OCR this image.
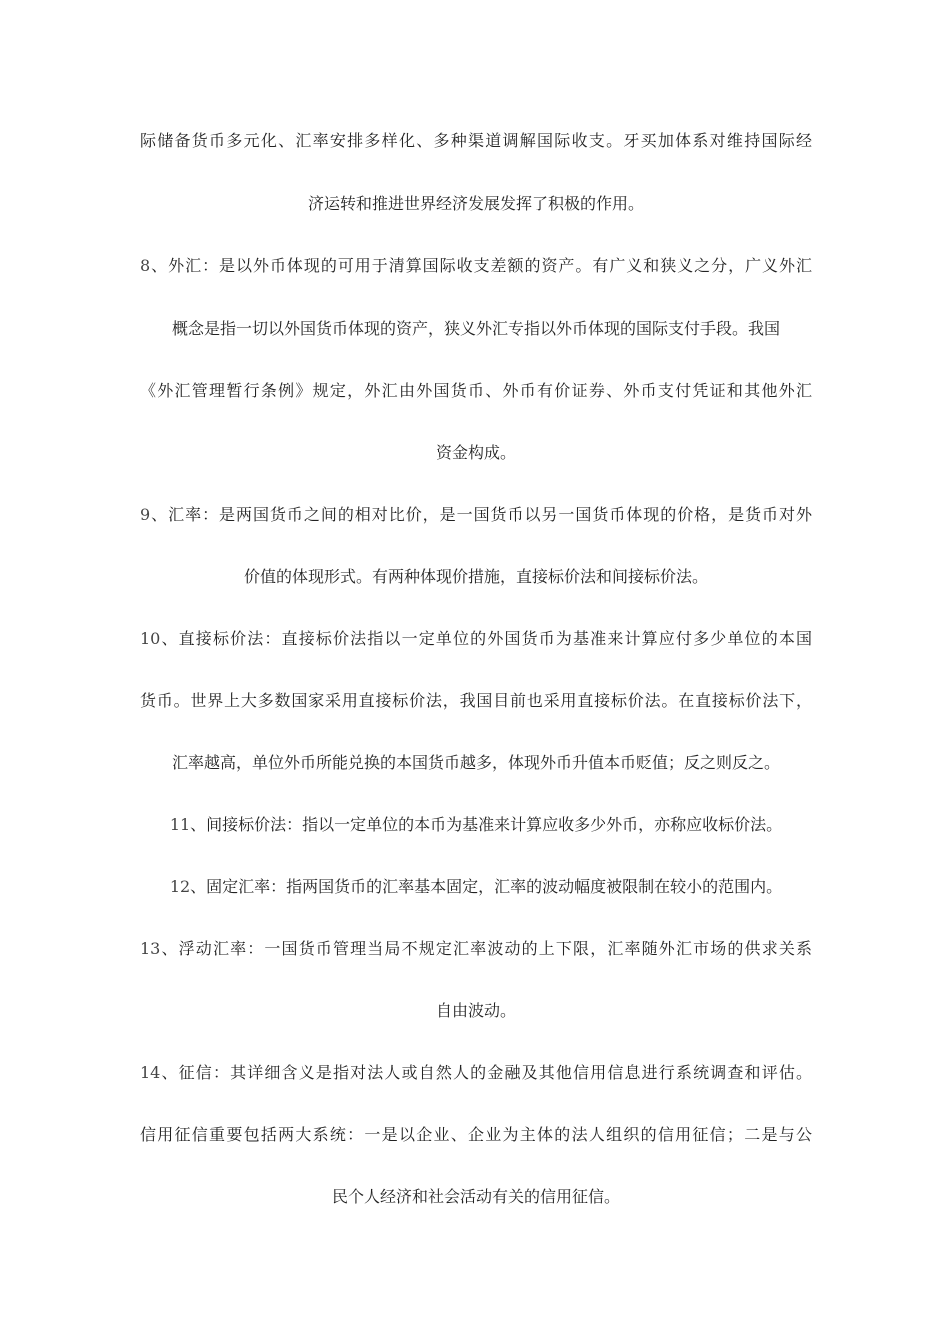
际储备货币多元化、汇率安排多样化、多种渠道调解国际收支。牙买加体系对维持国际经
济运转和推进世界经济发展发挥了积极的作用。
8、外汇：是以外币体现的可用于清算国际收支差额的资产。有广义和狭义之分，广义外汇
概念是指一切以外国货币体现的资产，狭义外汇专指以外币体现的国际支付手段。我国
《外汇管理暂行条例》规定，外汇由外国货币、外币有价证券、外币支付凭证和其他外汇
资金构成。
9、汇率：是两国货币之间的相对比价，是一国货币以另一国货币体现的价格，是货币对外
价值的体现形式。有两种体现价措施，直接标价法和间接标价法。
10、直接标价法：直接标价法指以一定单位的外国货币为基准来计算应付多少单位的本国
货币。世界上大多数国家采用直接标价法，我国目前也采用直接标价法。在直接标价法下，
汇率越高，单位外币所能兑换的本国货币越多，体现外币升值本币贬值；反之则反之。
11、间接标价法：指以一定单位的本币为基准来计算应收多少外币，亦称应收标价法。
12、固定汇率：指两国货币的汇率基本固定，汇率的波动幅度被限制在较小的范围内。
13、浮动汇率：一国货币管理当局不规定汇率波动的上下限，汇率随外汇市场的供求关系
自由波动。
14、征信：其详细含义是指对法人或自然人的金融及其他信用信息进行系统调查和评估。
信用征信重要包括两大系统：一是以企业、企业为主体的法人组织的信用征信；二是与公
民个人经济和社会活动有关的信用征信。
